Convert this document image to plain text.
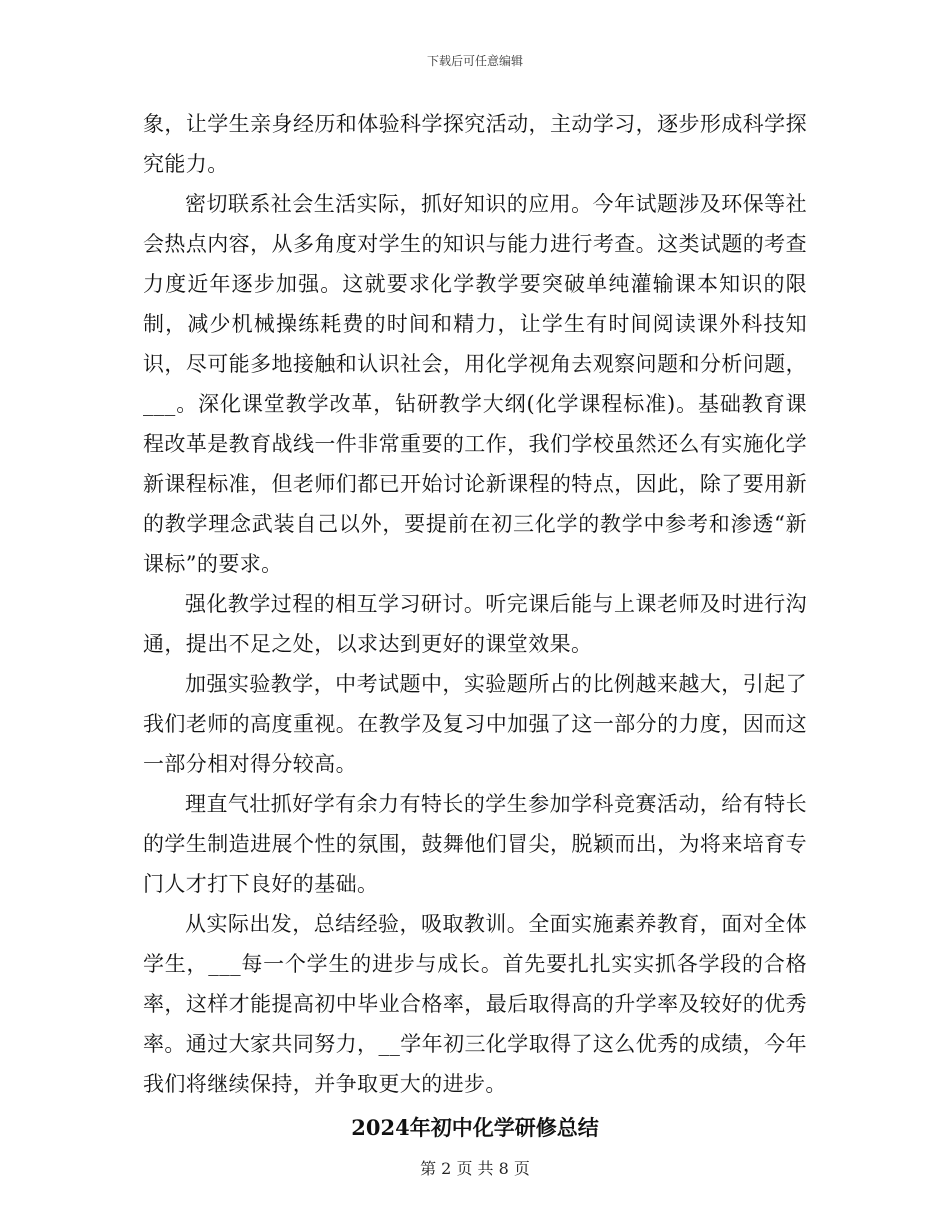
下载后可任意编辑

象，让学生亲身经历和体验科学探究活动，主动学习，逐步形成科学探究能力。

密切联系社会生活实际，抓好知识的应用。今年试题涉及环保等社会热点内容，从多角度对学生的知识与能力进行考查。这类试题的考查力度近年逐步加强。这就要求化学教学要突破单纯灌输课本知识的限制，减少机械操练耗费的时间和精力，让学生有时间阅读课外科技知识，尽可能多地接触和认识社会，用化学视角去观察问题和分析问题，___。深化课堂教学改革，钻研教学大纲(化学课程标准)。基础教育课程改革是教育战线一件非常重要的工作，我们学校虽然还么有实施化学新课程标准，但老师们都已开始讨论新课程的特点，因此，除了要用新的教学理念武装自己以外，要提前在初三化学的教学中参考和渗透“新课标”的要求。

强化教学过程的相互学习研讨。听完课后能与上课老师及时进行沟通，提出不足之处，以求达到更好的课堂效果。

加强实验教学，中考试题中，实验题所占的比例越来越大，引起了我们老师的高度重视。在教学及复习中加强了这一部分的力度，因而这一部分相对得分较高。

理直气壮抓好学有余力有特长的学生参加学科竞赛活动，给有特长的学生制造进展个性的氛围，鼓舞他们冒尖，脱颖而出，为将来培育专门人才打下良好的基础。

从实际出发，总结经验，吸取教训。全面实施素养教育，面对全体学生，___每一个学生的进步与成长。首先要扎扎实实抓各学段的合格率，这样才能提高初中毕业合格率，最后取得高的升学率及较好的优秀率。通过大家共同努力，__学年初三化学取得了这么优秀的成绩，今年我们将继续保持，并争取更大的进步。

2024年初中化学研修总结
第 2 页 共 8 页
